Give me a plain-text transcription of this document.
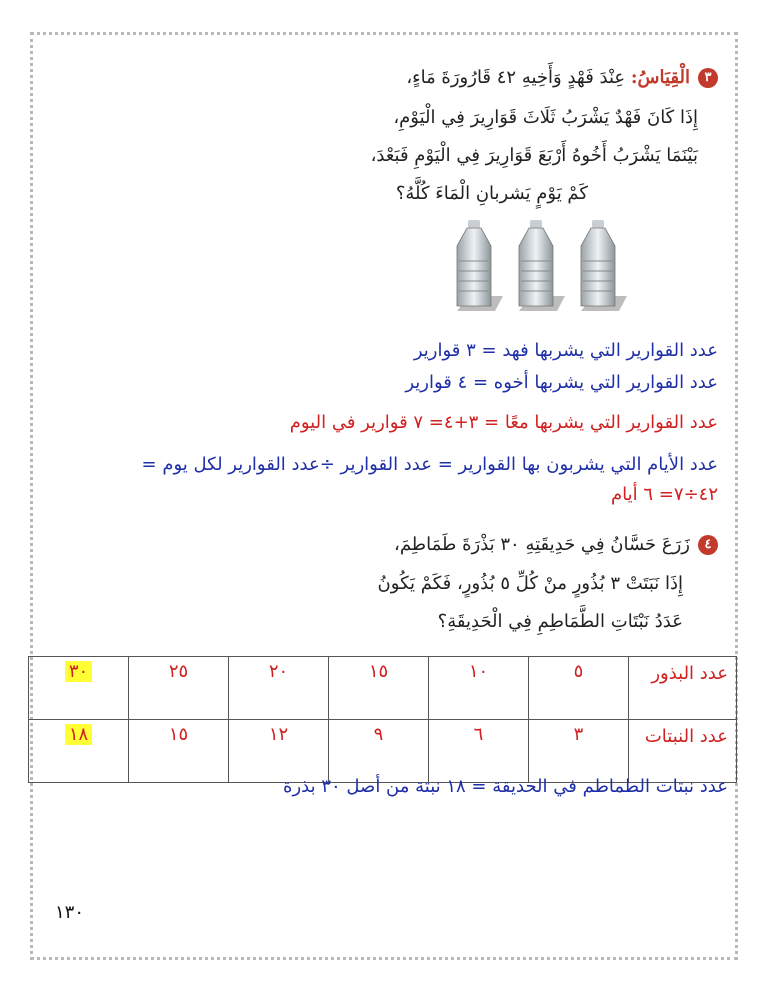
٣الْقِيَاسُ: عِنْدَ فَهْدٍ وَأَخِيهِ ٤٢ قَارُورَةَ مَاءٍ،
إِذَا كَانَ فَهْدٌ يَشْرَبُ ثَلَاثَ قَوَارِيرَ فِي الْيَوْمِ،
بَيْنَمَا يَشْرَبُ أَخُوهُ أَرْبَعَ قَوَارِيرَ فِي الْيَوْمِ فَبَعْدَ،
كَمْ يَوْمٍ يَشربانِ الْمَاءَ كُلَّهُ؟
عدد القوارير التي يشربها فهد = ٣ قوارير
عدد القوارير التي يشربها أخوه = ٤ قوارير
عدد القوارير التي يشربها معًا = ٣+٤= ٧ قوارير في اليوم
عدد الأيام التي يشربون بها القوارير = عدد القوارير ÷عدد القوارير لكل يوم =
٤٢÷٧= ٦ أيام
٤زَرَعَ حَسَّانُ فِي حَدِيقَتِهِ ٣٠ بَذْرَةَ طَمَاطِمَ،
إِذَا نَبَتَتْ ٣ بُذُورٍ منْ كُلِّ ٥ بُذُورٍ، فَكَمْ يَكُونُ
عَدَدُ نَبْتَاتِ الطَّمَاطِمِ فِي الْحَدِيقَةِ؟
عدد البذور	٥	١٠	١٥	٢٠	٢٥	٣٠
عدد النبتات	٣	٦	٩	١٢	١٥	١٨
عدد نبتات الطماطم في الحديقة = ١٨ نبتة من أصل ٣٠ بذرة
١٣٠
